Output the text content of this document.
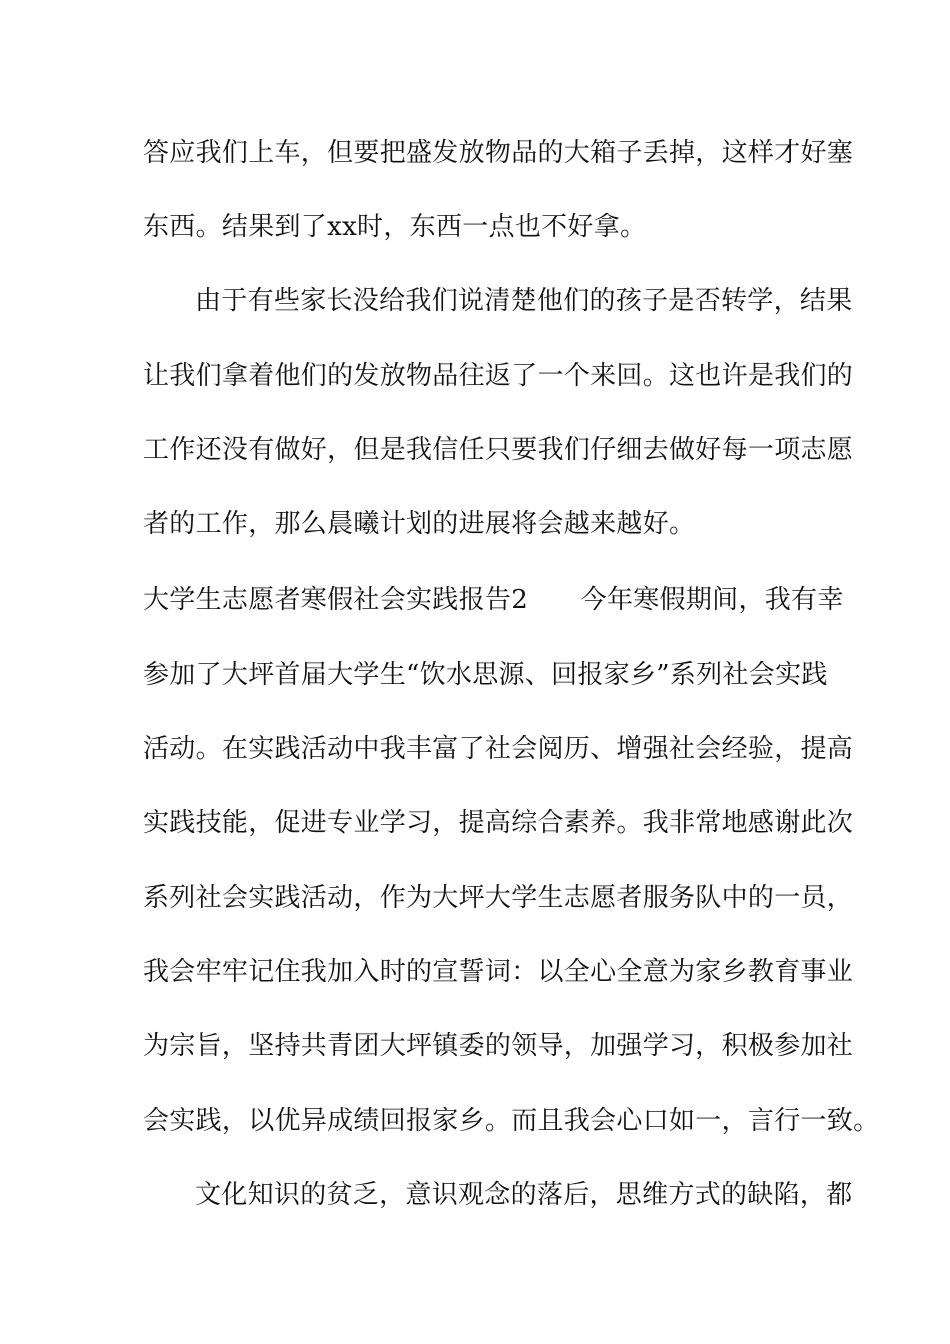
答应我们上车，但要把盛发放物品的大箱子丢掉，这样才好塞
东西。结果到了xx时，东西一点也不好拿。
由于有些家长没给我们说清楚他们的孩子是否转学，结果
让我们拿着他们的发放物品往返了一个来回。这也许是我们的
工作还没有做好，但是我信任只要我们仔细去做好每一项志愿
者的工作，那么晨曦计划的进展将会越来越好。
大学生志愿者寒假社会实践报告2　　今年寒假期间，我有幸
参加了大坪首届大学生“饮水思源、回报家乡”系列社会实践
活动。在实践活动中我丰富了社会阅历、增强社会经验，提高
实践技能，促进专业学习，提高综合素养。我非常地感谢此次
系列社会实践活动，作为大坪大学生志愿者服务队中的一员，
我会牢牢记住我加入时的宣誓词：以全心全意为家乡教育事业
为宗旨，坚持共青团大坪镇委的领导，加强学习，积极参加社
会实践，以优异成绩回报家乡。而且我会心口如一，言行一致。
文化知识的贫乏，意识观念的落后，思维方式的缺陷，都
